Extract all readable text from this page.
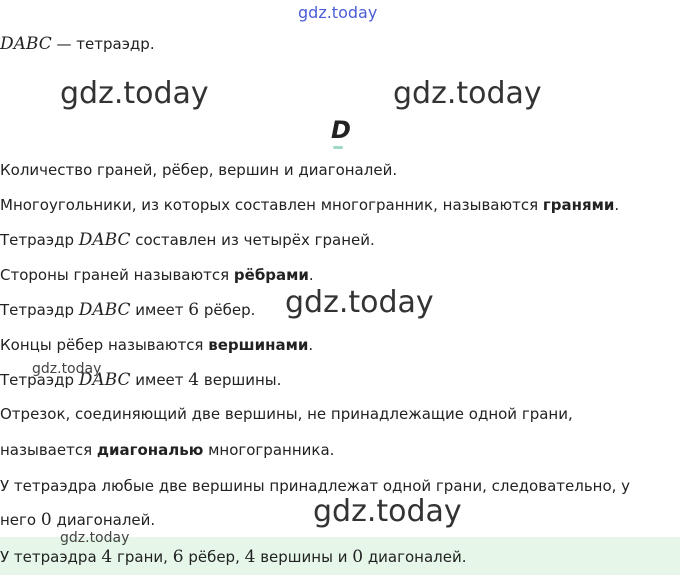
gdz.today
gdz.today	gdz.today
gdz.today
gdz.today
gdz.today
DABC — тетраэдр.
D
Количество граней, рёбер, вершин и диагоналей.
Многоугольники, из которых составлен многогранник, называются гранями.
Тетраэдр DABC составлен из четырёх граней.
Стороны граней называются рёбрами.
Тетраэдр DABC имеет 6 рёбер.
Концы рёбер называются вершинами.
Тетраэдр DABC имеет 4 вершины.
Отрезок, соединяющий две вершины, не принадлежащие одной грани,
называется диагональю многогранника.
У тетраэдра любые две вершины принадлежат одной грани, следовательно, у
него 0 диагоналей.
gdz.today
У тетраэдра 4 грани, 6 рёбер, 4 вершины и 0 диагоналей.
